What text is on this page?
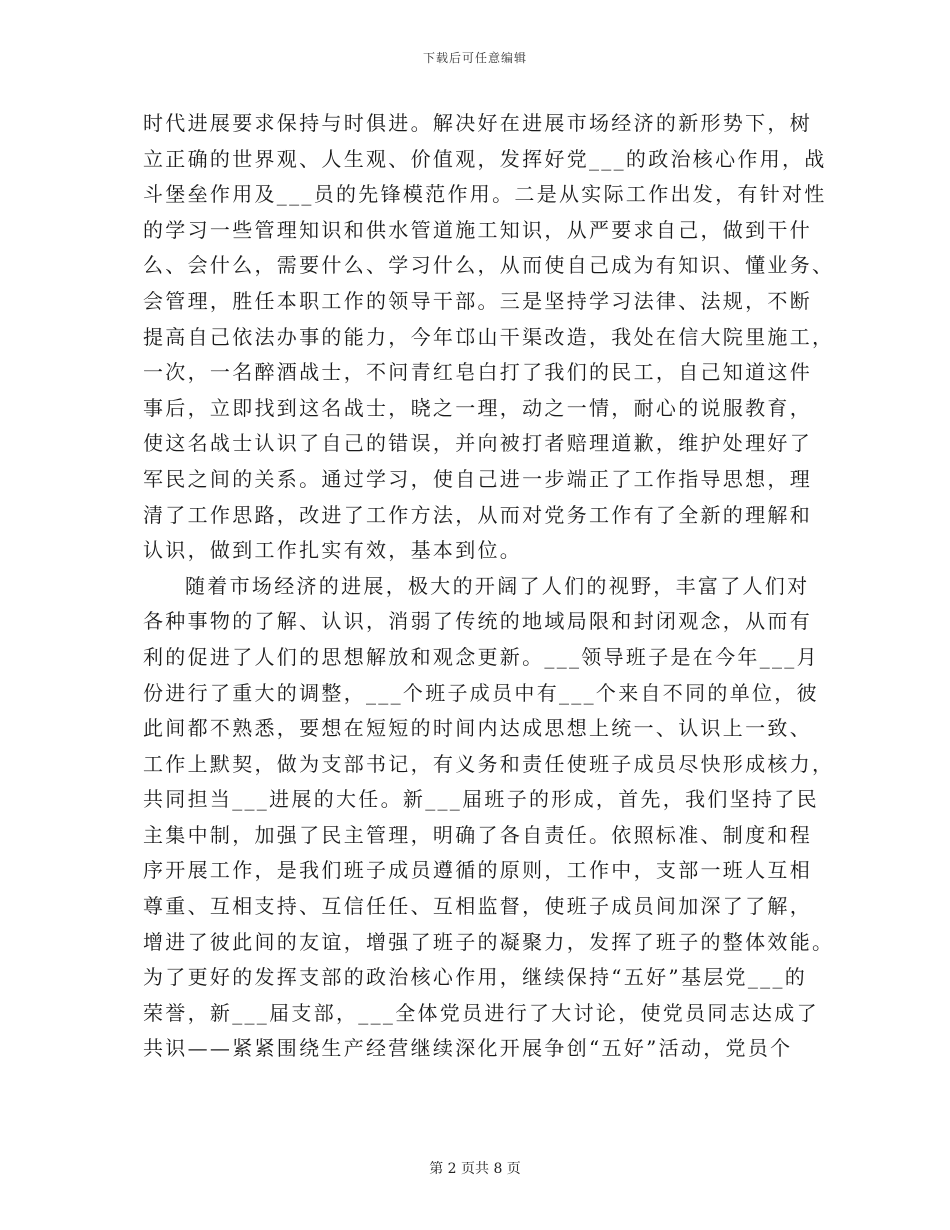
下载后可任意编辑
时代进展要求保持与时俱进。解决好在进展市场经济的新形势下，树
立正确的世界观、人生观、价值观，发挥好党___的政治核心作用，战
斗堡垒作用及___员的先锋模范作用。二是从实际工作出发，有针对性
的学习一些管理知识和供水管道施工知识，从严要求自己，做到干什
么、会什么，需要什么、学习什么，从而使自己成为有知识、懂业务、
会管理，胜任本职工作的领导干部。三是坚持学习法律、法规，不断
提高自己依法办事的能力，今年邙山干渠改造，我处在信大院里施工，
一次，一名醉酒战士，不问青红皂白打了我们的民工，自己知道这件
事后，立即找到这名战士，晓之一理，动之一情，耐心的说服教育，
使这名战士认识了自己的错误，并向被打者赔理道歉，维护处理好了
军民之间的关系。通过学习，使自己进一步端正了工作指导思想，理
清了工作思路，改进了工作方法，从而对党务工作有了全新的理解和
认识，做到工作扎实有效，基本到位。
随着市场经济的进展，极大的开阔了人们的视野，丰富了人们对
各种事物的了解、认识，消弱了传统的地域局限和封闭观念，从而有
利的促进了人们的思想解放和观念更新。___领导班子是在今年___月
份进行了重大的调整，___个班子成员中有___个来自不同的单位，彼
此间都不熟悉，要想在短短的时间内达成思想上统一、认识上一致、
工作上默契，做为支部书记，有义务和责任使班子成员尽快形成核力，
共同担当___进展的大任。新___届班子的形成，首先，我们坚持了民
主集中制，加强了民主管理，明确了各自责任。依照标准、制度和程
序开展工作，是我们班子成员遵循的原则，工作中，支部一班人互相
尊重、互相支持、互信任任、互相监督，使班子成员间加深了了解，
增进了彼此间的友谊，增强了班子的凝聚力，发挥了班子的整体效能。
为了更好的发挥支部的政治核心作用，继续保持“五好”基层党___的
荣誉，新___届支部，___全体党员进行了大讨论，使党员同志达成了
共识——紧紧围绕生产经营继续深化开展争创“五好”活动，党员个
第 2 页共 8 页
